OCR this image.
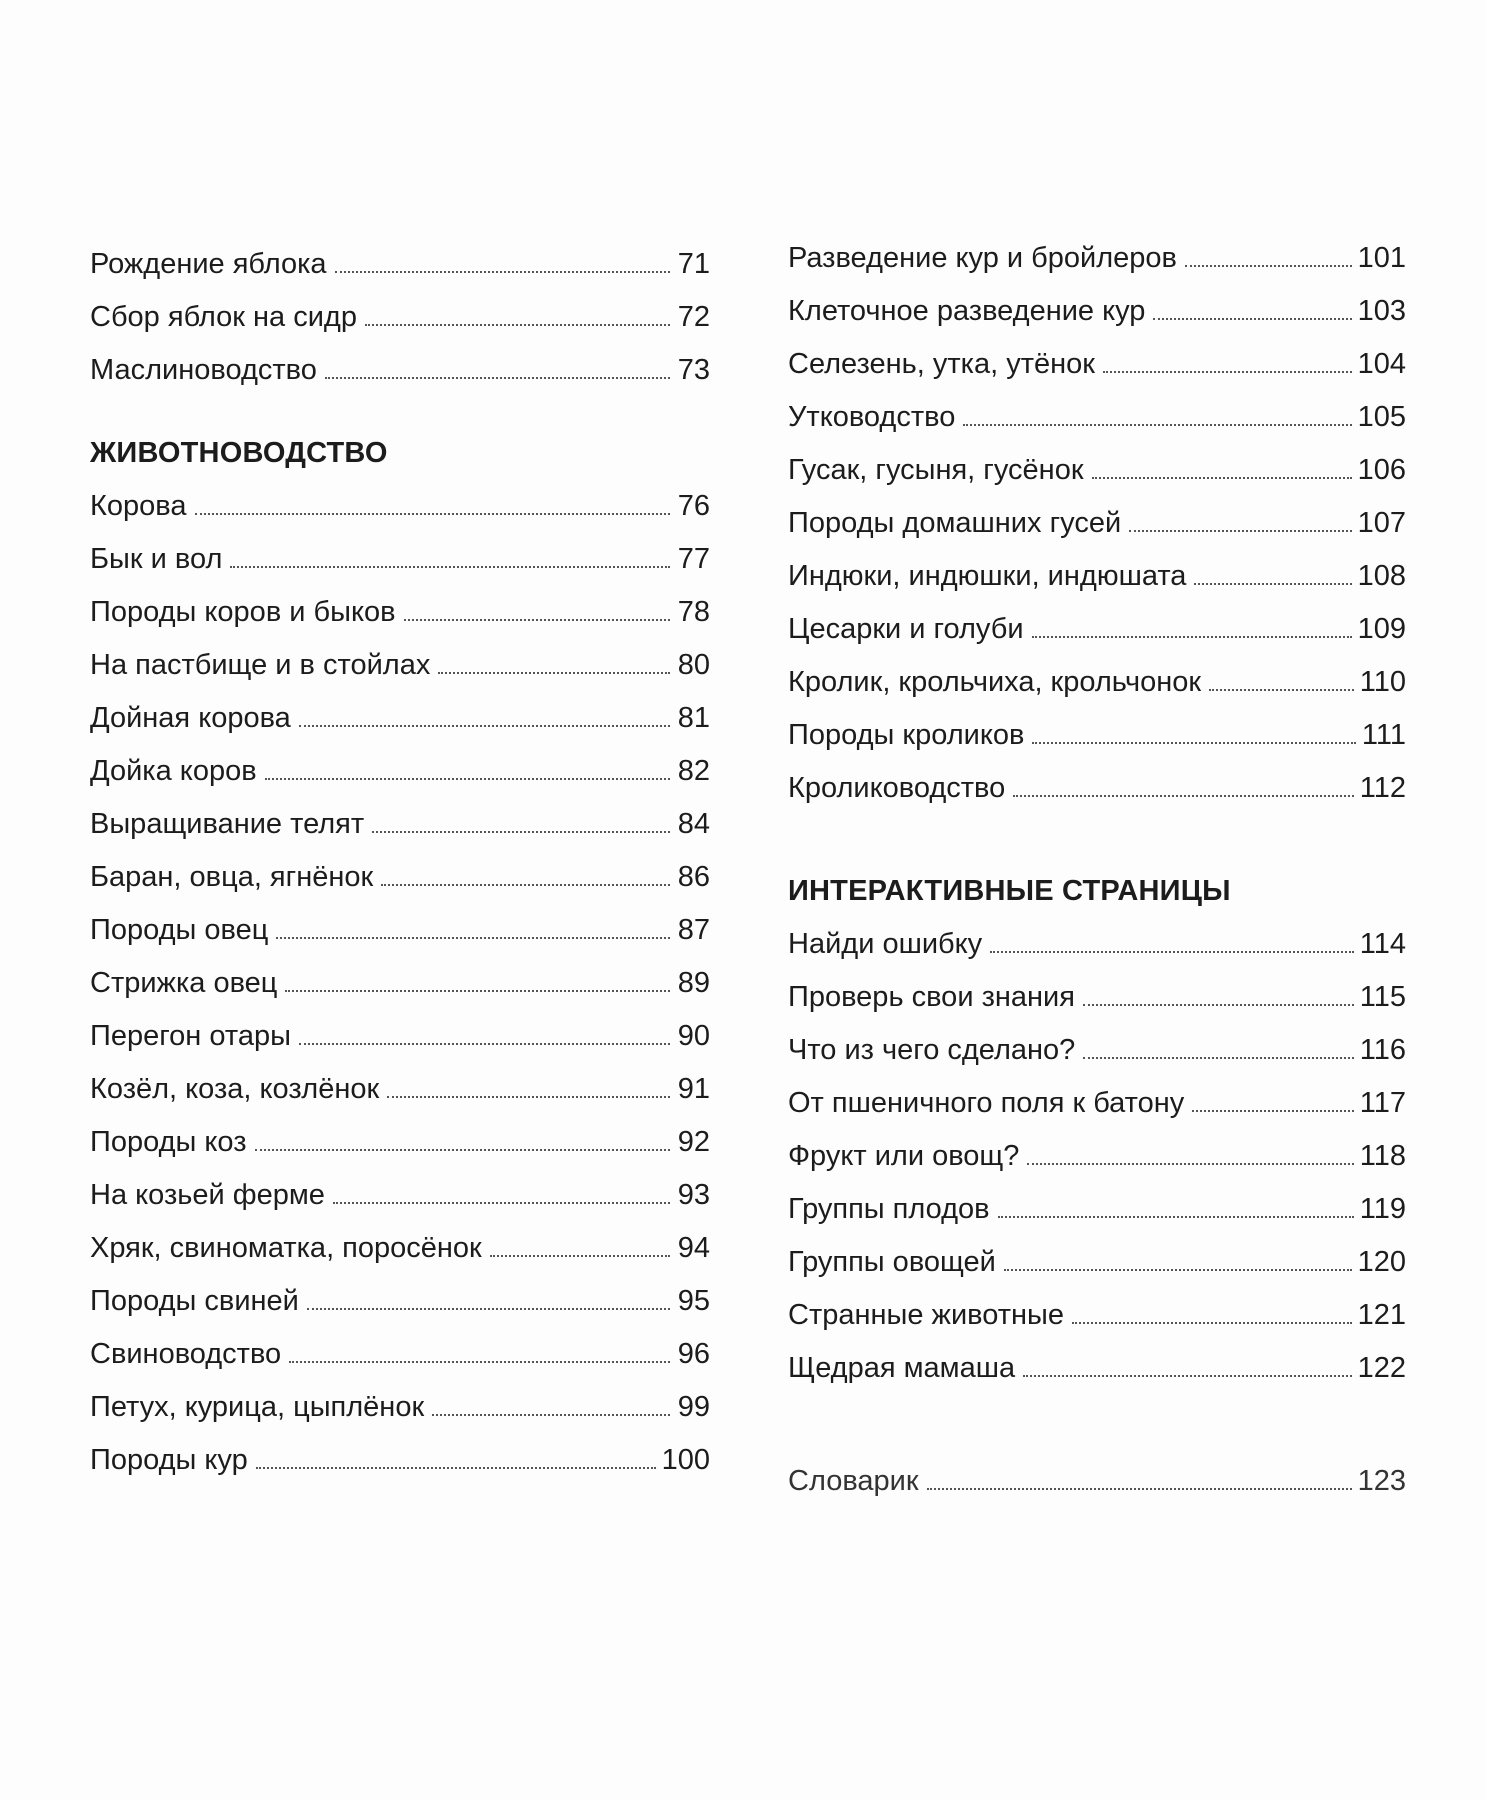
Рождение яблока	71
Сбор яблок на сидр	72
Маслиноводство	73
ЖИВОТНОВОДСТВО
Корова	76
Бык и вол	77
Породы коров и быков	78
На пастбище и в стойлах	80
Дойная корова	81
Дойка коров	82
Выращивание телят	84
Баран, овца, ягнёнок	86
Породы овец	87
Стрижка овец	89
Перегон отары	90
Козёл, коза, козлёнок	91
Породы коз	92
На козьей ферме	93
Хряк, свиноматка, поросёнок	94
Породы свиней	95
Свиноводство	96
Петух, курица, цыплёнок	99
Породы кур	100
Разведение кур и бройлеров	101
Клеточное разведение кур	103
Селезень, утка, утёнок	104
Утководство	105
Гусак, гусыня, гусёнок	106
Породы домашних гусей	107
Индюки, индюшки, индюшата	108
Цесарки и голуби	109
Кролик, крольчиха, крольчонок	110
Породы кроликов	111
Кролиководство	112
ИНТЕРАКТИВНЫЕ СТРАНИЦЫ
Найди ошибку	114
Проверь свои знания	115
Что из чего сделано?	116
От пшеничного поля к батону	117
Фрукт или овощ?	118
Группы плодов	119
Группы овощей	120
Странные животные	121
Щедрая мамаша	122
Словарик	123
